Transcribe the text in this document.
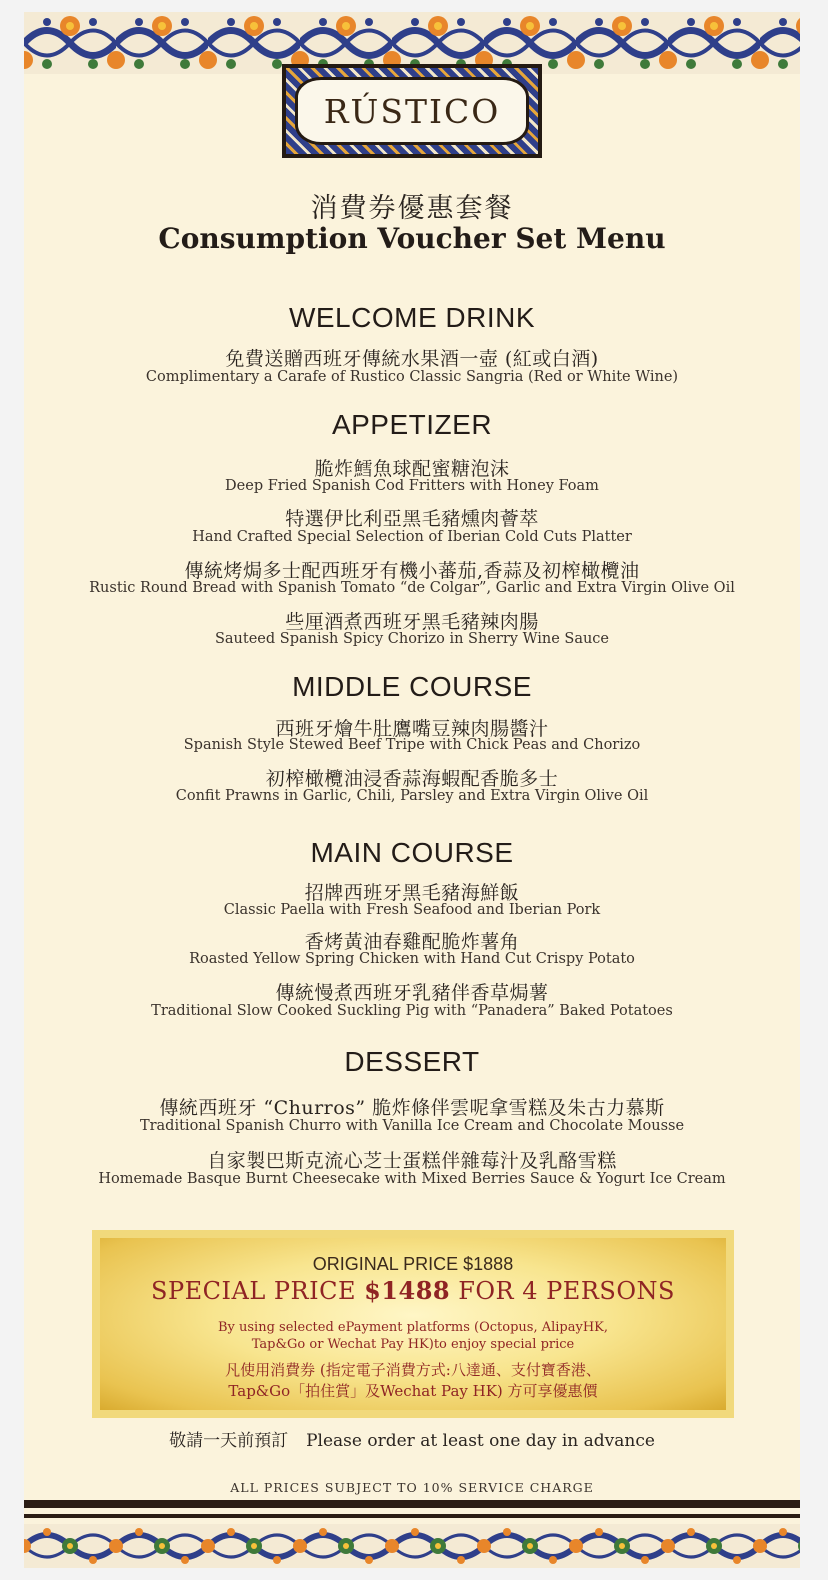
RÚSTICO
消費券優惠套餐
Consumption Voucher Set Menu
WELCOME DRINK
免費送贈西班牙傳統水果酒一壺 (紅或白酒)
Complimentary a Carafe of Rustico Classic Sangria (Red or White Wine)
APPETIZER
脆炸鱈魚球配蜜糖泡沫
Deep Fried Spanish Cod Fritters with Honey Foam
特選伊比利亞黑毛豬燻肉薈萃
Hand Crafted Special Selection of Iberian Cold Cuts Platter
傳統烤焗多士配西班牙有機小蕃茄,香蒜及初榨橄欖油
Rustic Round Bread with Spanish Tomato “de Colgar”, Garlic and Extra Virgin Olive Oil
些厘酒煮西班牙黑毛豬辣肉腸
Sauteed Spanish Spicy Chorizo in Sherry Wine Sauce
MIDDLE COURSE
西班牙燴牛肚鷹嘴豆辣肉腸醬汁
Spanish Style Stewed Beef Tripe with Chick Peas and Chorizo
初榨橄欖油浸香蒜海蝦配香脆多士
Confit Prawns in Garlic, Chili, Parsley and Extra Virgin Olive Oil
MAIN COURSE
招牌西班牙黑毛豬海鮮飯
Classic Paella with Fresh Seafood and Iberian Pork
香烤黃油春雞配脆炸薯角
Roasted Yellow Spring Chicken with Hand Cut Crispy Potato
傳統慢煮西班牙乳豬伴香草焗薯
Traditional Slow Cooked Suckling Pig with “Panadera” Baked Potatoes
DESSERT
傳統西班牙 “Churros” 脆炸條伴雲呢拿雪糕及朱古力慕斯
Traditional Spanish Churro with Vanilla Ice Cream and Chocolate Mousse
自家製巴斯克流心芝士蛋糕伴雜莓汁及乳酪雪糕
Homemade Basque Burnt Cheesecake with Mixed Berries Sauce & Yogurt Ice Cream
ORIGINAL PRICE $1888
SPECIAL PRICE $1488 FOR 4 PERSONS
By using selected ePayment platforms (Octopus, AlipayHK,
Tap&Go or Wechat Pay HK)to enjoy special price
凡使用消費券 (指定電子消費方式:八達通、支付寶香港、
Tap&Go「拍住賞」及Wechat Pay HK) 方可享優惠價
敬請一天前預訂 Please order at least one day in advance
ALL PRICES SUBJECT TO 10% SERVICE CHARGE
